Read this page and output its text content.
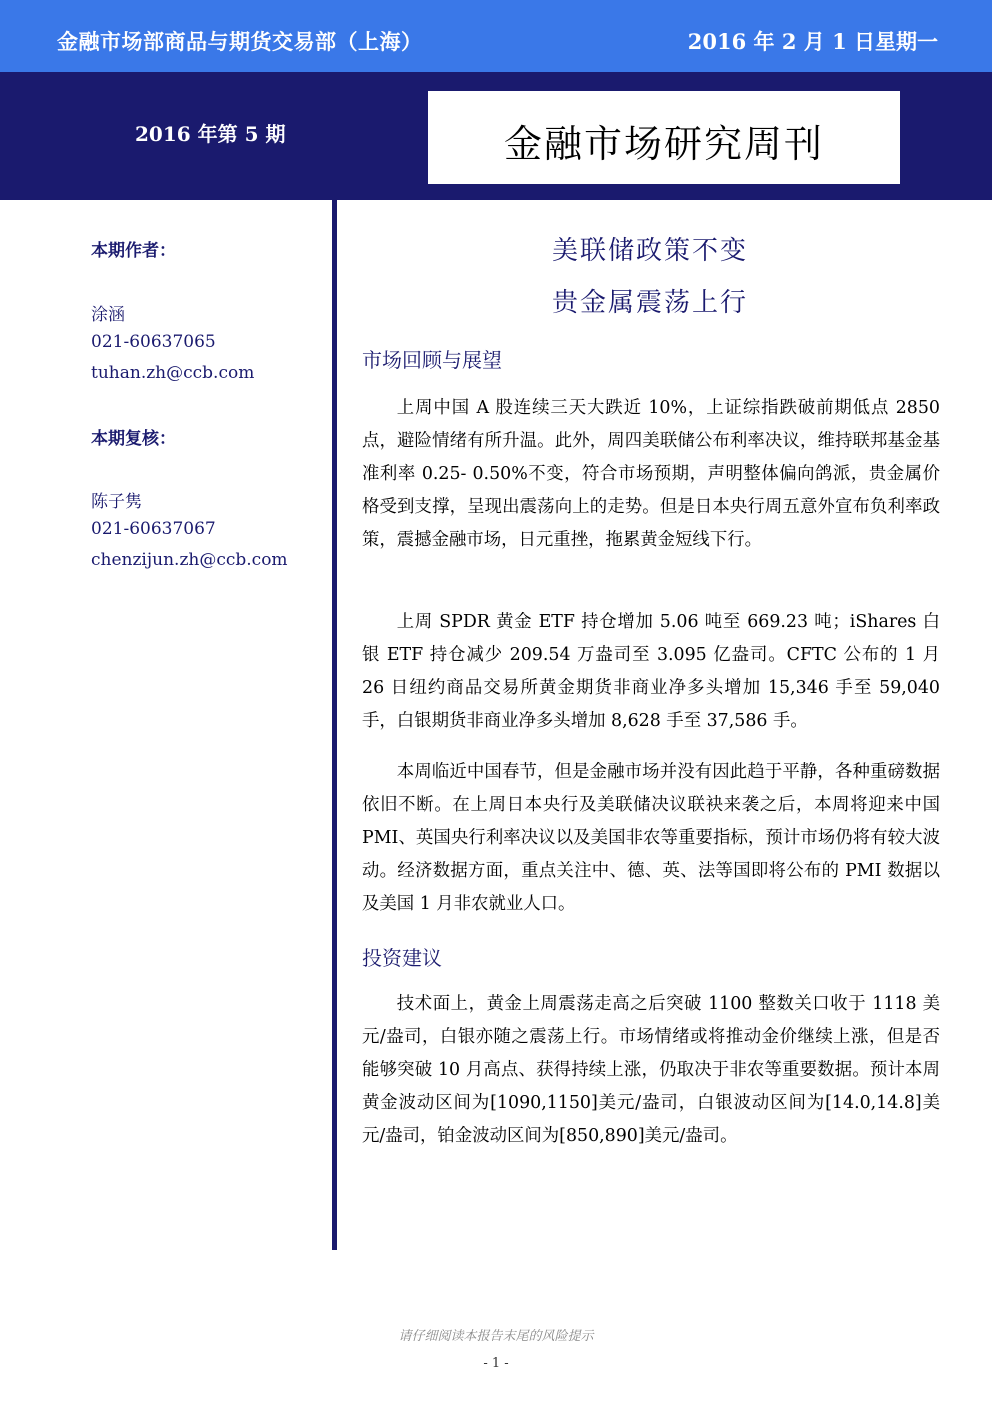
金融市场部商品与期货交易部（上海）	2016 年 2 月 1 日星期一
2016 年第 5 期	金融市场研究周刊
本期作者：
涂涵
021-60637065
tuhan.zh@ccb.com
本期复核：
陈子隽
021-60637067
chenzijun.zh@ccb.com
美联储政策不变
贵金属震荡上行
市场回顾与展望
上周中国 A 股连续三天大跌近 10%，上证综指跌破前期低点 2850 点，避险情绪有所升温。此外，周四美联储公布利率决议，维持联邦基金基准利率 0.25- 0.50%不变，符合市场预期，声明整体偏向鸽派，贵金属价格受到支撑，呈现出震荡向上的走势。但是日本央行周五意外宣布负利率政策，震撼金融市场，日元重挫，拖累黄金短线下行。
上周 SPDR 黄金 ETF 持仓增加 5.06 吨至 669.23 吨；iShares 白银 ETF 持仓减少 209.54 万盎司至 3.095 亿盎司。CFTC 公布的 1 月 26 日纽约商品交易所黄金期货非商业净多头增加 15,346 手至 59,040 手，白银期货非商业净多头增加 8,628 手至 37,586 手。
本周临近中国春节，但是金融市场并没有因此趋于平静，各种重磅数据依旧不断。在上周日本央行及美联储决议联袂来袭之后，本周将迎来中国 PMI、英国央行利率决议以及美国非农等重要指标，预计市场仍将有较大波动。经济数据方面，重点关注中、德、英、法等国即将公布的 PMI 数据以及美国 1 月非农就业人口。
投资建议
技术面上，黄金上周震荡走高之后突破 1100 整数关口收于 1118 美元/盎司，白银亦随之震荡上行。市场情绪或将推动金价继续上涨，但是否能够突破 10 月高点、获得持续上涨，仍取决于非农等重要数据。预计本周黄金波动区间为[1090,1150]美元/盎司，白银波动区间为[14.0,14.8]美元/盎司，铂金波动区间为[850,890]美元/盎司。
请仔细阅读本报告末尾的风险提示
- 1 -
